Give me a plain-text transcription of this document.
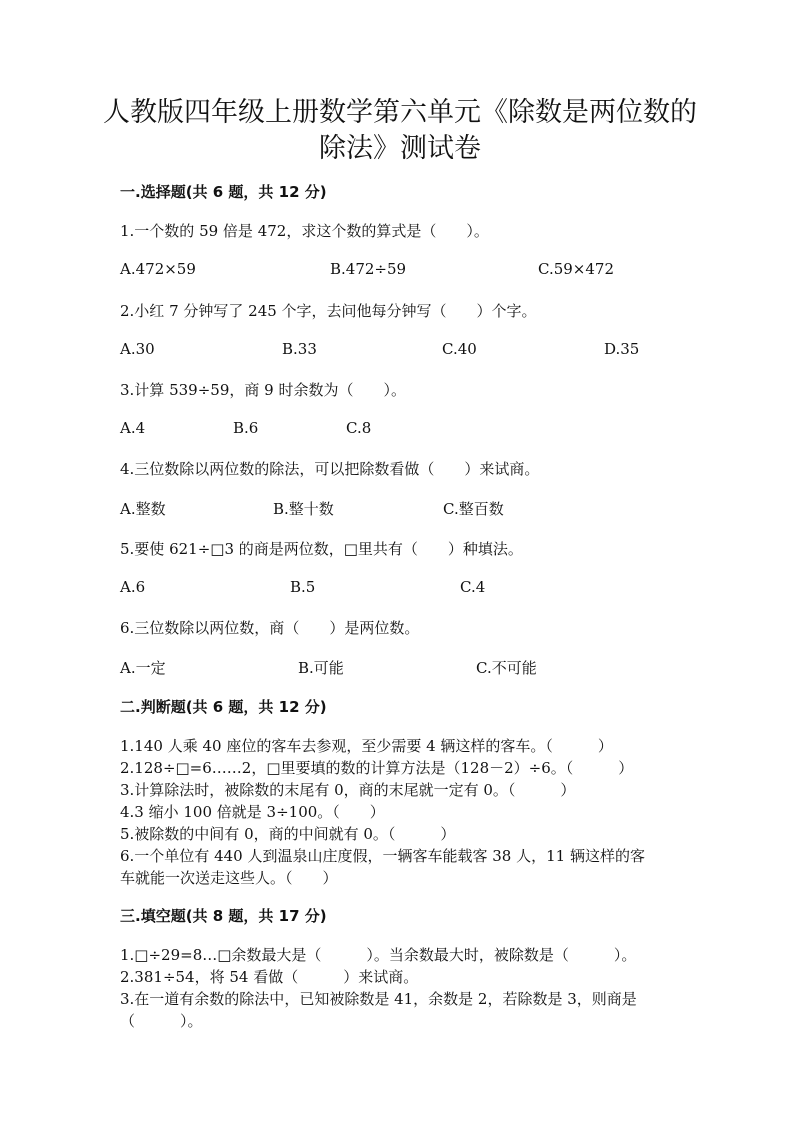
人教版四年级上册数学第六单元《除数是两位数的
除法》测试卷
一.选择题(共 6 题，共 12 分)
1.一个数的 59 倍是 472，求这个数的算式是（　　）。
A.472×59	B.472÷59	C.59×472
2.小红 7 分钟写了 245 个字，去问他每分钟写（　　）个字。
A.30	B.33	C.40	D.35
3.计算 539÷59，商 9 时余数为（　　）。
A.4	B.6	C.8
4.三位数除以两位数的除法，可以把除数看做（　　）来试商。
A.整数	B.整十数	C.整百数
5.要使 621÷□3 的商是两位数，□里共有（　　）种填法。
A.6	B.5	C.4
6.三位数除以两位数，商（　　）是两位数。
A.一定	B.可能	C.不可能
二.判断题(共 6 题，共 12 分)
1.140 人乘 40 座位的客车去参观，至少需要 4 辆这样的客车。（　　　）
2.128÷□=6……2，□里要填的数的计算方法是（128－2）÷6。（　　　）
3.计算除法时，被除数的末尾有 0，商的末尾就一定有 0。（　　　）
4.3 缩小 100 倍就是 3÷100。（　　）
5.被除数的中间有 0，商的中间就有 0。（　　　）
6.一个单位有 440 人到温泉山庄度假，一辆客车能载客 38 人，11 辆这样的客
车就能一次送走这些人。（　　）
三.填空题(共 8 题，共 17 分)
1.□÷29=8…□余数最大是（　　　）。当余数最大时，被除数是（　　　）。
2.381÷54，将 54 看做（　　　）来试商。
3.在一道有余数的除法中，已知被除数是 41，余数是 2，若除数是 3，则商是
（　　　）。
